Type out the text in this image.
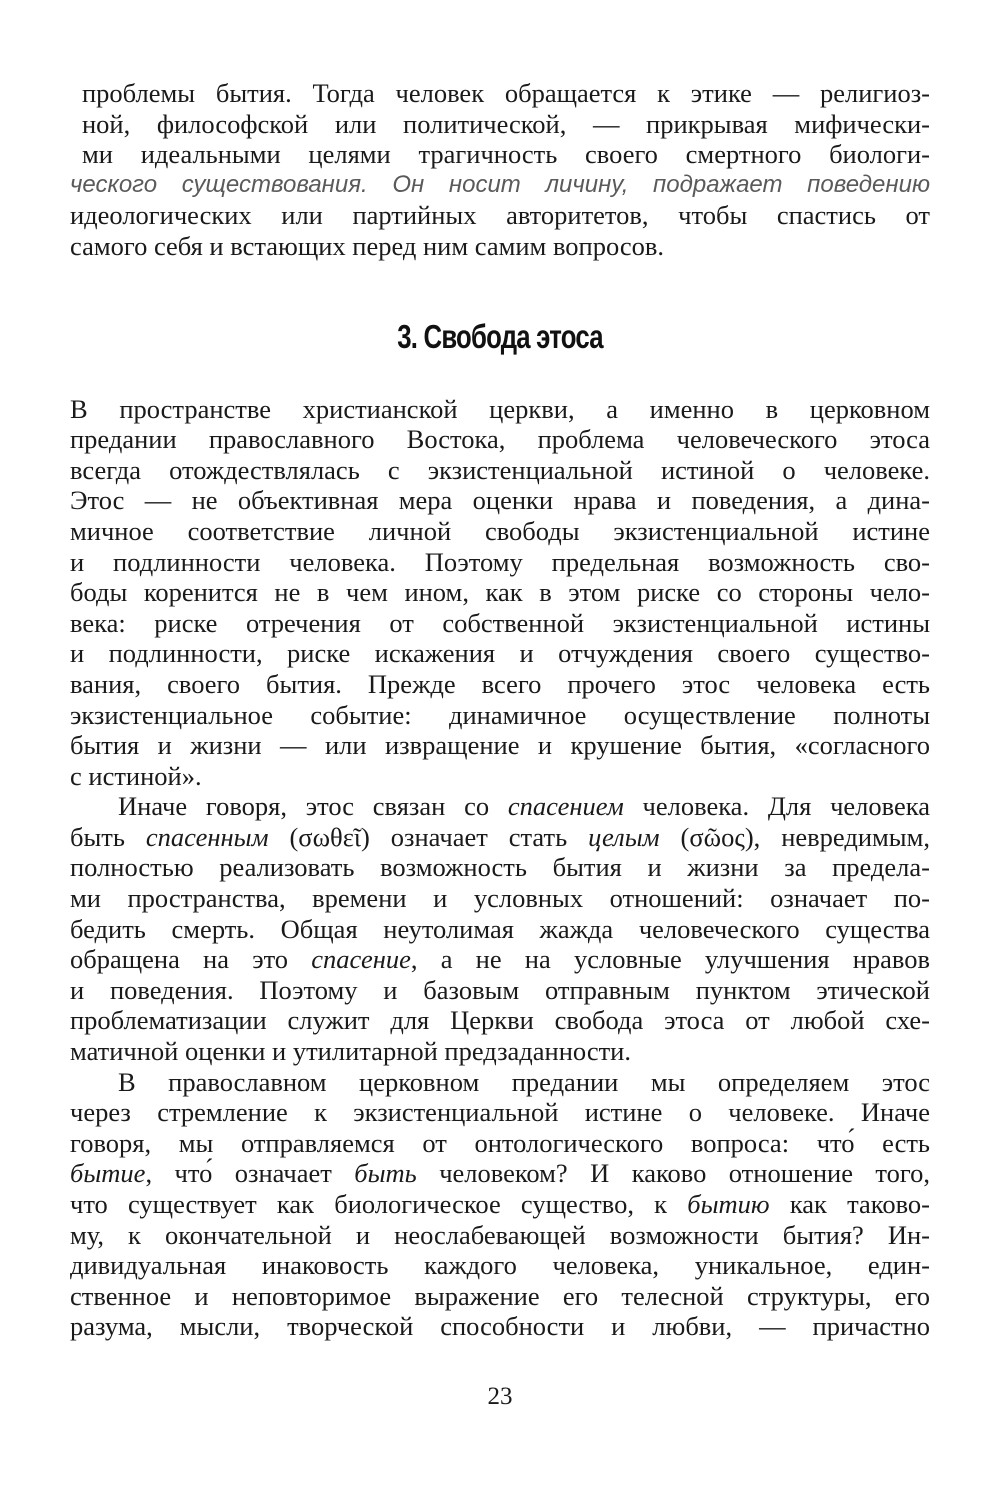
проблемы бытия. Тогда человек обращается к этике — религиоз-
ной, философской или политической, — прикрывая мифически-
ми идеальными целями трагичность своего смертного биологи-
ческого существования. Он носит личину, подражает поведению
идеологических или партийных авторитетов, чтобы спастись от
самого себя и встающих перед ним самим вопросов.
3. Свобода этоса
В пространстве христианской церкви, а именно в церковном
предании православного Востока, проблема человеческого этоса
всегда отождествлялась с экзистенциальной истиной о человеке.
Этос — не объективная мера оценки нрава и поведения, а дина-
мичное соответствие личной свободы экзистенциальной истине
и подлинности человека. Поэтому предельная возможность сво-
боды коренится не в чем ином, как в этом риске со стороны чело-
века: риске отречения от собственной экзистенциальной истины
и подлинности, риске искажения и отчуждения своего существо-
вания, своего бытия. Прежде всего прочего этос человека есть
экзистенциальное событие: динамичное осуществление полноты
бытия и жизни — или извращение и крушение бытия, «согласного
с истиной».
Иначе говоря, этос связан со спасением человека. Для человека
быть спасенным (σωθεῖ) означает стать целым (σῶος), невредимым,
полностью реализовать возможность бытия и жизни за предела-
ми пространства, времени и условных отношений: означает по-
бедить смерть. Общая неутолимая жажда человеческого существа
обращена на это спасение, а не на условные улучшения нравов
и поведения. Поэтому и базовым отправным пунктом этической
проблематизации служит для Церкви свобода этоса от любой схе-
матичной оценки и утилитарной предзаданности.
В православном церковном предании мы определяем этос
через стремление к экзистенциальной истине о человеке. Иначе
говоря, мы отправляемся от онтологического вопроса: что́ есть
бытие, что́ означает быть человеком? И каково отношение того,
что существует как биологическое существо, к бытию как таково-
му, к окончательной и неослабевающей возможности бытия? Ин-
дивидуальная инаковость каждого человека, уникальное, един-
ственное и неповторимое выражение его телесной структуры, его
разума, мысли, творческой способности и любви, — причастно
23
